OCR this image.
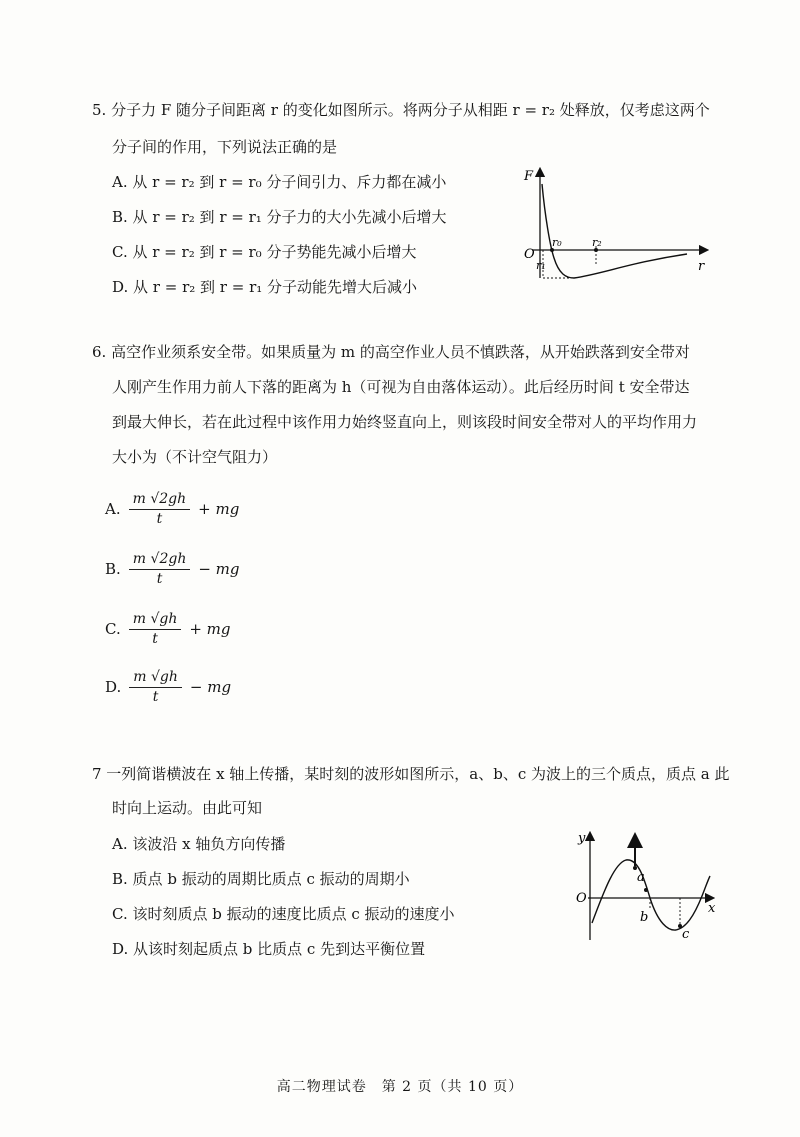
5. 分子力 F 随分子间距离 r 的变化如图所示。将两分子从相距 r = r₂ 处释放，仅考虑这两个
分子间的作用，下列说法正确的是
A. 从 r = r₂ 到 r = r₀ 分子间引力、斥力都在减小
B. 从 r = r₂ 到 r = r₁ 分子力的大小先减小后增大
C. 从 r = r₂ 到 r = r₀ 分子势能先减小后增大
D. 从 r = r₂ 到 r = r₁ 分子动能先增大后减小
F
r
O
r₁
r₀	r₂
6. 高空作业须系安全带。如果质量为 m 的高空作业人员不慎跌落，从开始跌落到安全带对
人刚产生作用力前人下落的距离为 h（可视为自由落体运动）。此后经历时间 t 安全带达
到最大伸长，若在此过程中该作用力始终竖直向上，则该段时间安全带对人的平均作用力
大小为（不计空气阻力）
A. $\frac{m √2gh}{t}$ + mg
B. $\frac{m √2gh}{t}$ − mg
C. $\frac{m √gh}{t}$ + mg
D. $\frac{m √gh}{t}$ − mg
7 一列简谐横波在 x 轴上传播，某时刻的波形如图所示，a、b、c 为波上的三个质点，质点 a 此
时向上运动。由此可知
A. 该波沿 x 轴负方向传播
B. 质点 b 振动的周期比质点 c 振动的周期小
C. 该时刻质点 b 振动的速度比质点 c 振动的速度小
D. 从该时刻起质点 b 比质点 c 先到达平衡位置
y
x
O
a
b
c
高二物理试卷　第 2 页（共 10 页）
